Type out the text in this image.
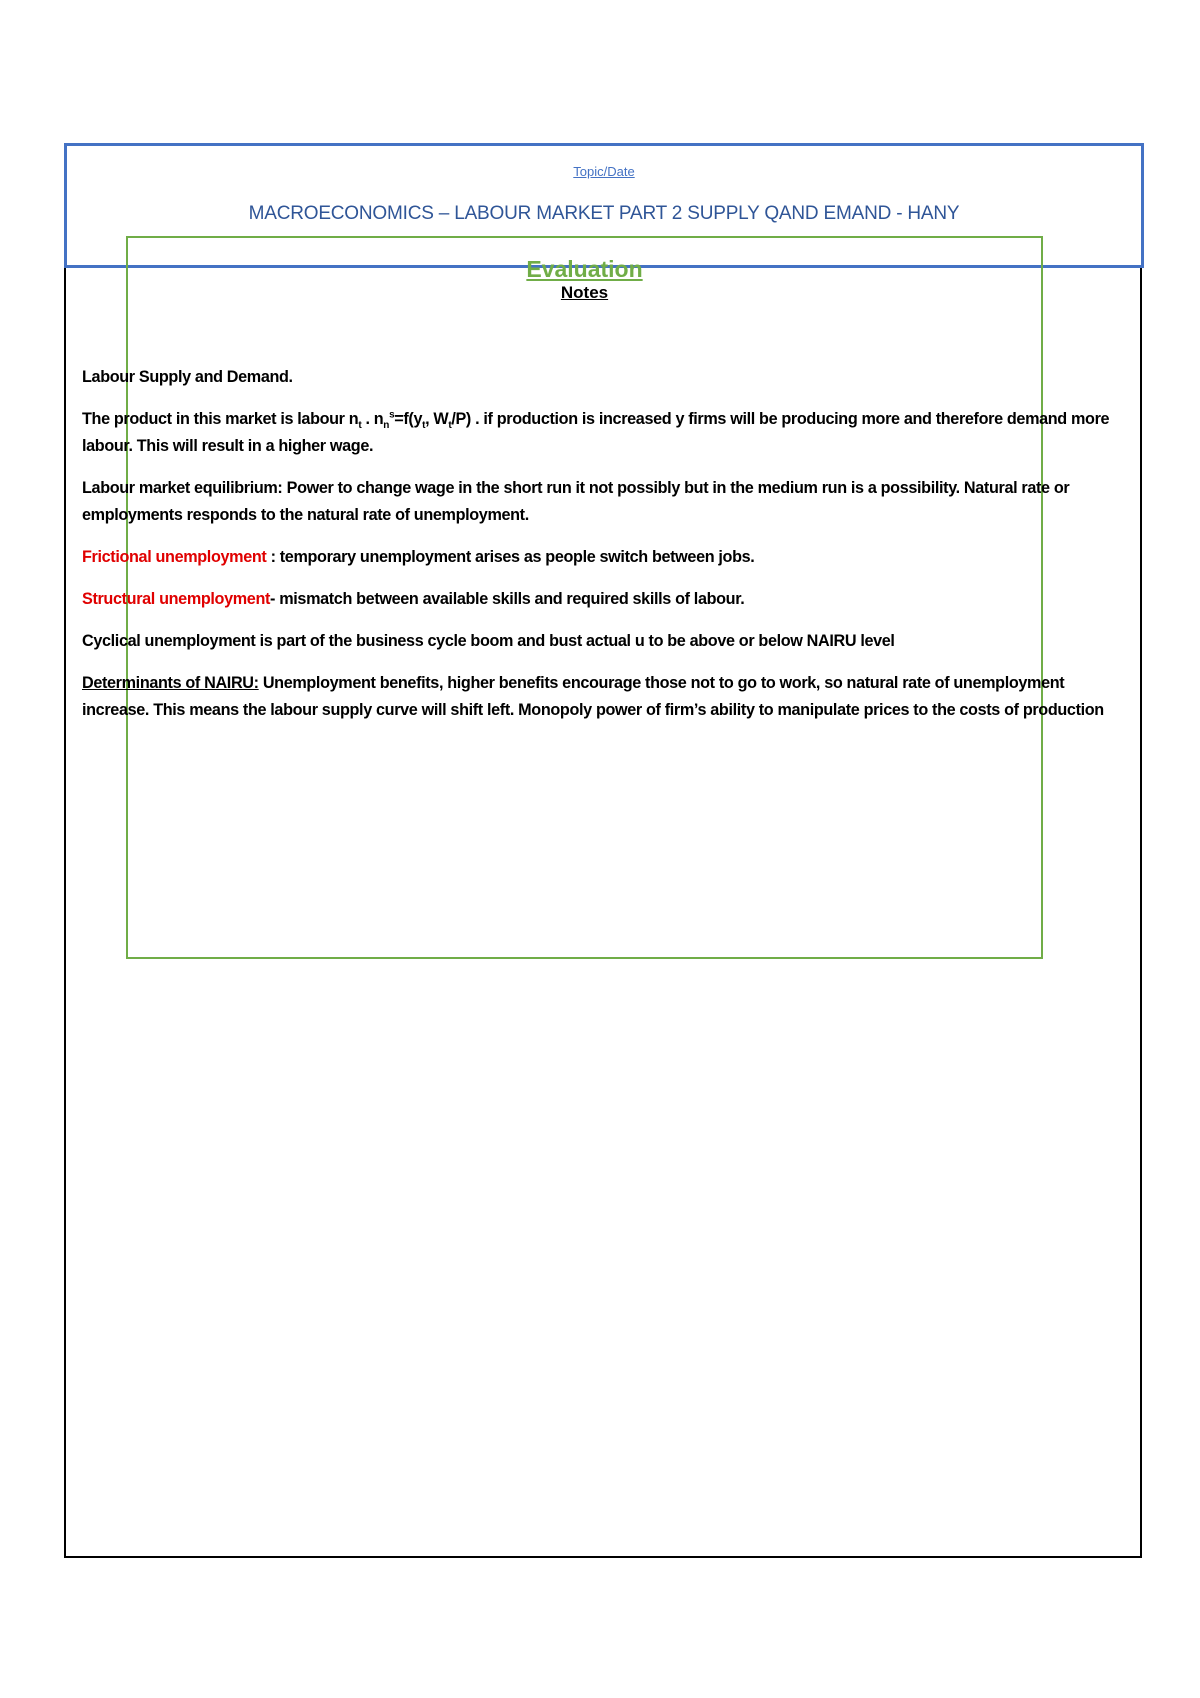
Topic/Date
MACROECONOMICS – LABOUR MARKET PART 2 SUPPLY QAND EMAND - HANY
Evaluation
Notes

Labour Supply and Demand.

The product in this market is labour $n_t$ . $n_n^s=f(y_t$, $W_t/P$) . if production is increased y firms will be producing more and therefore demand more labour. This will result in a higher wage.

Labour market equilibrium: Power to change wage in the short run it not possibly but in the medium run is a possibility. Natural rate or employments responds to the natural rate of unemployment.

Frictional unemployment : temporary unemployment arises as people switch between jobs.

Structural unemployment- mismatch between available skills and required skills of labour.

Cyclical unemployment is part of the business cycle boom and bust actual u to be above or below NAIRU level

Determinants of NAIRU: Unemployment benefits, higher benefits encourage those not to go to work, so natural rate of unemployment increase. This means the labour supply curve will shift left. Monopoly power of firm’s ability to manipulate prices to the costs of production
